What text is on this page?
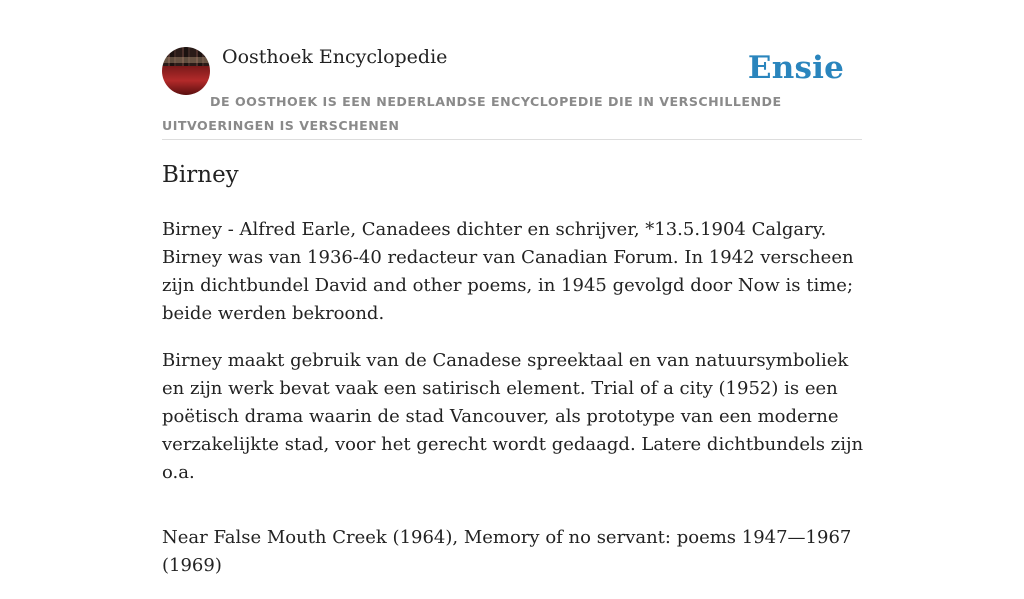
Oosthoek Encyclopedie	Ensie
DE OOSTHOEK IS EEN NEDERLANDSE ENCYCLOPEDIE DIE IN VERSCHILLENDE UITVOERINGEN IS VERSCHENEN
Birney

Birney - Alfred Earle, Canadees dichter en schrijver, *13.5.1904 Calgary. Birney was van 1936-40 redacteur van Canadian Forum. In 1942 verscheen zijn dichtbundel David and other poems, in 1945 gevolgd door Now is time; beide werden bekroond.

Birney maakt gebruik van de Canadese spreektaal en van natuursymboliek en zijn werk bevat vaak een satirisch element. Trial of a city (1952) is een poëtisch drama waarin de stad Vancouver, als prototype van een moderne verzakelijkte stad, voor het gerecht wordt gedaagd. Latere dichtbundels zijn o.a.

Near False Mouth Creek (1964), Memory of no servant: poems 1947—1967 (1969)
